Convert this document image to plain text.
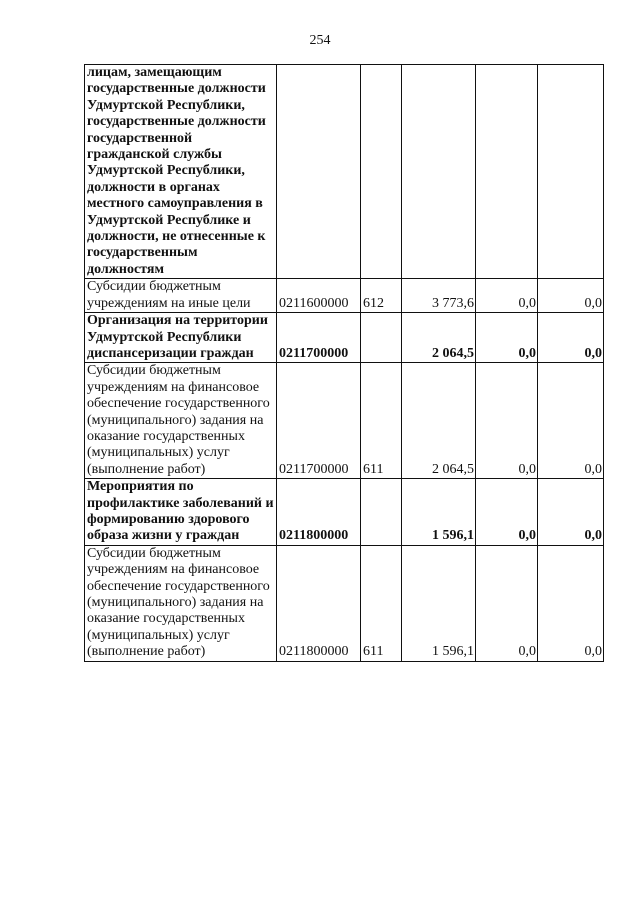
254
лицам, замещающим государственные должности Удмуртской Республики, государственные должности государственной гражданской службы Удмуртской Республики, должности в органах местного самоуправления в Удмуртской Республике и должности, не отнесенные к государственным должностям					
Субсидии бюджетным учреждениям на иные цели	0211600000	612	3 773,6	0,0	0,0
Организация на территории Удмуртской Республики диспансеризации граждан	0211700000		2 064,5	0,0	0,0
Субсидии бюджетным учреждениям на финансовое обеспечение государственного (муниципального) задания на оказание государственных (муниципальных) услуг (выполнение работ)	0211700000	611	2 064,5	0,0	0,0
Мероприятия по профилактике заболеваний и формированию здорового образа жизни у граждан	0211800000		1 596,1	0,0	0,0
Субсидии бюджетным учреждениям на финансовое обеспечение государственного (муниципального) задания на оказание государственных (муниципальных) услуг (выполнение работ)	0211800000	611	1 596,1	0,0	0,0
